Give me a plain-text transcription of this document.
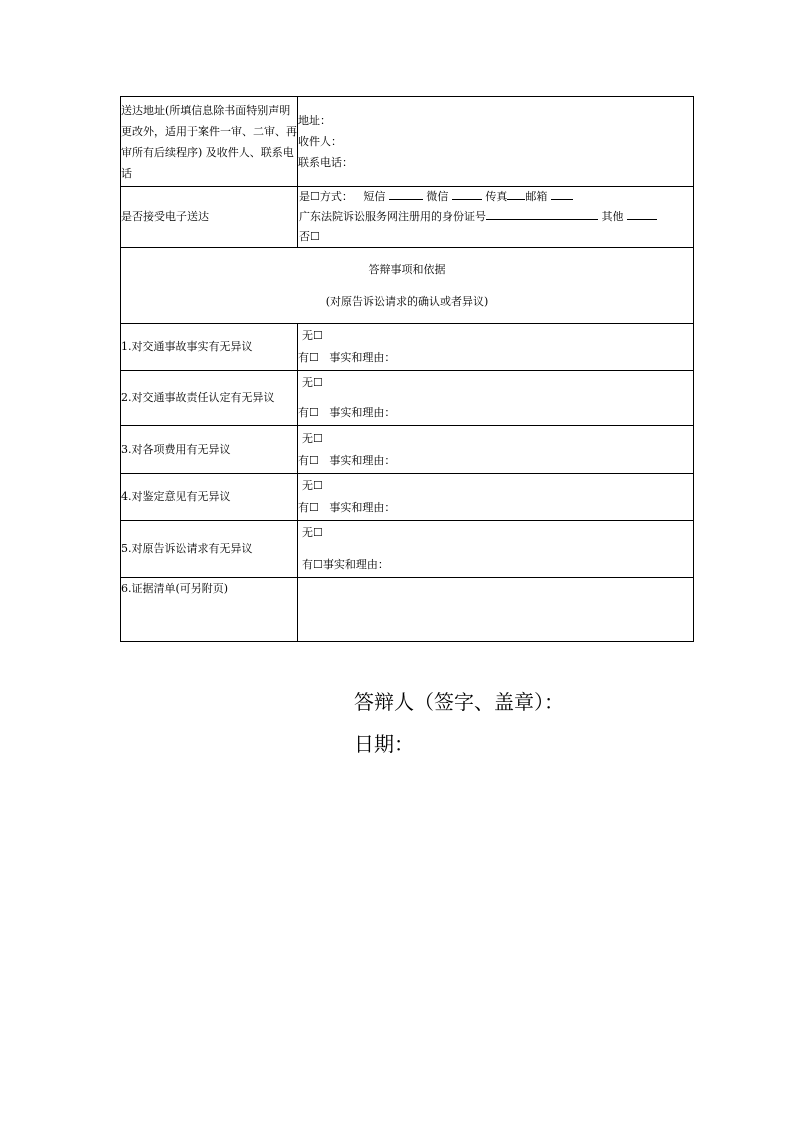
送达地址(所填信息除书面特别声明更改外，适用于案件一审、二审、再审所有后续程序) 及收件人、联系电话	地址：
收件人：
联系电话：

是否接受电子送达	是☐方式： 短信 微信 传真 邮箱
广东法院诉讼服务网注册用的身份证号 其他
否☐

答辩事项和依据
(对原告诉讼请求的确认或者异议)	

1.对交通事故事实有无异议	无☐
有☐ 事实和理由：

2.对交通事故责任认定有无异议	无☐
有☐ 事实和理由：

3.对各项费用有无异议	无☐
有☐ 事实和理由：

4.对鉴定意见有无异议	无☐
有☐ 事实和理由：

5.对原告诉讼请求有无异议	无☐
有☐事实和理由：

6.证据清单(可另附页)	
答辩人（签字、盖章）：
日期：
